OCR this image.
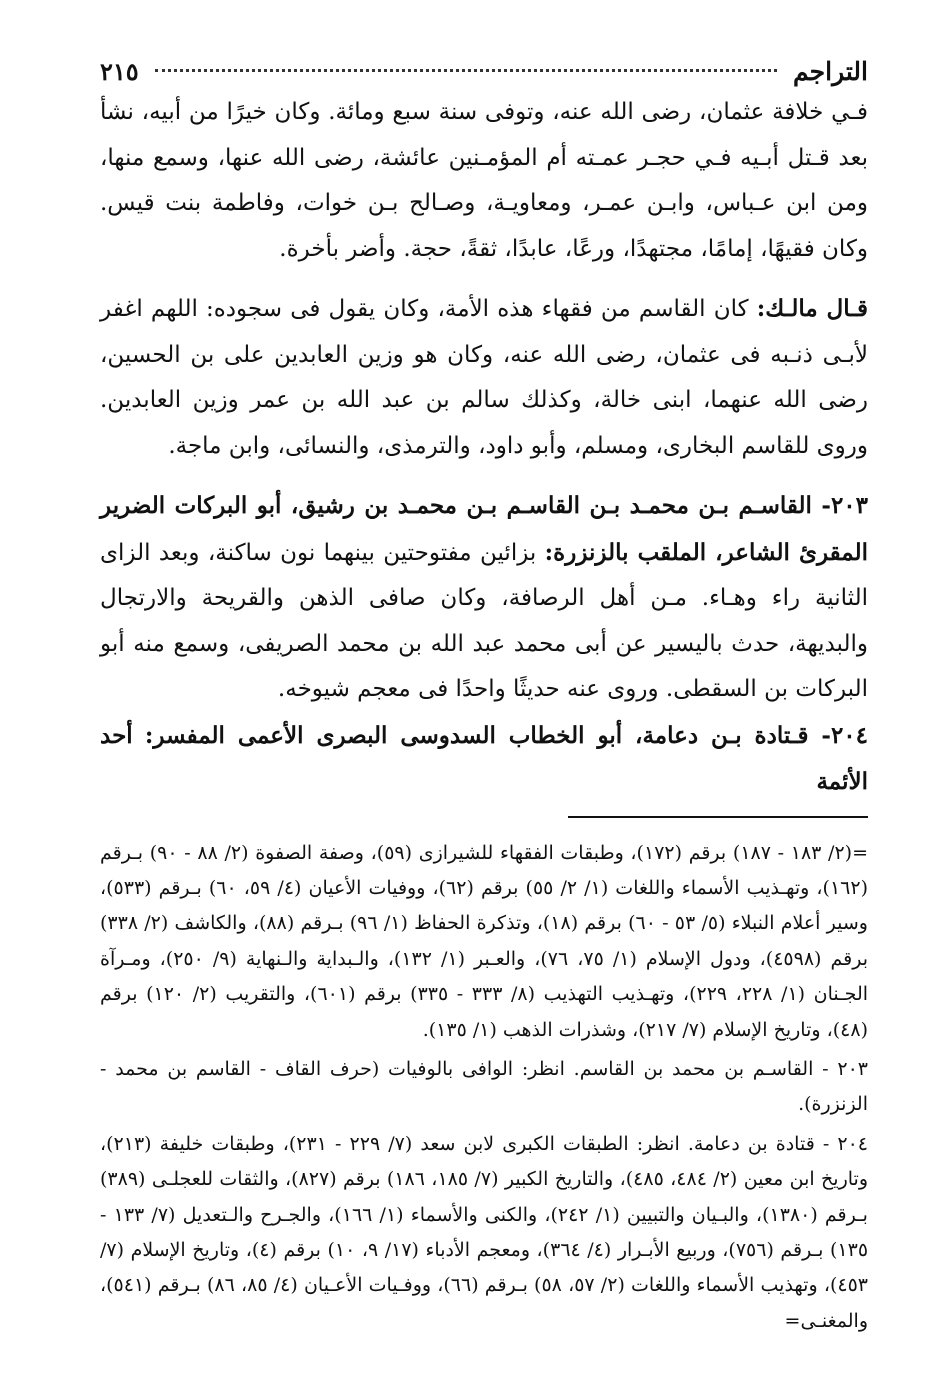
التراجم
٢١٥

فـي خلافة عثمان، رضى الله عنه، وتوفى سنة سبع ومائة. وكان خيرًا من أبيه، نشأ بعد قـتل أبـيه فـي حجـر عمـته أم المؤمـنين عائشة، رضى الله عنها، وسمع منها، ومن ابن عـباس، وابـن عمـر، ومعاويـة، وصـالح بـن خوات، وفاطمة بنت قيس. وكان فقيهًا، إمامًا، مجتهدًا، ورعًا، عابدًا، ثقةً، حجة. وأضر بأخرة.

قـال مالـك: كان القاسم من فقهاء هذه الأمة، وكان يقول فى سجوده: اللهم اغفر لأبـى ذنـبه فى عثمان، رضى الله عنه، وكان هو وزين العابدين على بن الحسين، رضى الله عنهما، ابنى خالة، وكذلك سالم بن عبد الله بن عمر وزين العابدين. وروى للقاسم البخارى، ومسلم، وأبو داود، والترمذى، والنسائى، وابن ماجة.

٢٠٣- القاسـم بـن محمـد بـن القاسـم بـن محمـد بن رشيق، أبو البركات الضرير المقرئ الشاعر، الملقب بالزنزرة: بزائين مفتوحتين بينهما نون ساكنة، وبعد الزاى الثانية راء وهـاء. مـن أهل الرصافة، وكان صافى الذهن والقريحة والارتجال والبديهة، حدث باليسير عن أبى محمد عبد الله بن محمد الصريفى، وسمع منه أبو البركات بن السقطى. وروى عنه حديثًا واحدًا فى معجم شيوخه.

٢٠٤- قـتادة بـن دعامة، أبو الخطاب السدوسى البصرى الأعمى المفسر: أحد الأئمة

=(٢/ ١٨٣ - ١٨٧) برقم (١٧٢)، وطبقات الفقهاء للشيرازى (٥٩)، وصفة الصفوة (٢/ ٨٨ - ٩٠) بـرقم (١٦٢)، وتهـذيب الأسماء واللغات (١/ ٢/ ٥٥) برقم (٦٢)، ووفيات الأعيان (٤/ ٥٩، ٦٠) بـرقم (٥٣٣)، وسير أعلام النبلاء (٥/ ٥٣ - ٦٠) برقم (١٨)، وتذكرة الحفاظ (١/ ٩٦) بـرقم (٨٨)، والكاشف (٢/ ٣٣٨) برقم (٤٥٩٨)، ودول الإسلام (١/ ٧٥، ٧٦)، والعـبر (١/ ١٣٢)، والـبداية والـنهاية (٩/ ٢٥٠)، ومـرآة الجـنان (١/ ٢٢٨، ٢٢٩)، وتهـذيب التهذيب (٨/ ٣٣٣ - ٣٣٥) برقم (٦٠١)، والتقريب (٢/ ١٢٠) برقم (٤٨)، وتاريخ الإسلام (٧/ ٢١٧)، وشذرات الذهب (١/ ١٣٥).

٢٠٣ - القاسـم بن محمد بن القاسم. انظر: الوافى بالوفيات (حرف القاف - القاسم بن محمد - الزنزرة).

٢٠٤ - قتادة بن دعامة. انظر: الطبقات الكبرى لابن سعد (٧/ ٢٢٩ - ٢٣١)، وطبقات خليفة (٢١٣)، وتاريخ ابن معين (٢/ ٤٨٤، ٤٨٥)، والتاريخ الكبير (٧/ ١٨٥، ١٨٦) برقم (٨٢٧)، والثقات للعجلـى (٣٨٩) بـرقم (١٣٨٠)، والبـيان والتبيين (١/ ٢٤٢)، والكنى والأسماء (١/ ١٦٦)، والجـرح والـتعديل (٧/ ١٣٣ - ١٣٥) بـرقم (٧٥٦)، وربيع الأبـرار (٤/ ٣٦٤)، ومعجم الأدباء (١٧/ ٩، ١٠) برقم (٤)، وتاريخ الإسلام (٧/ ٤٥٣)، وتهذيب الأسماء واللغات (٢/ ٥٧، ٥٨) بـرقم (٦٦)، ووفـيات الأعـيان (٤/ ٨٥، ٨٦) بـرقم (٥٤١)، والمغنـى=
